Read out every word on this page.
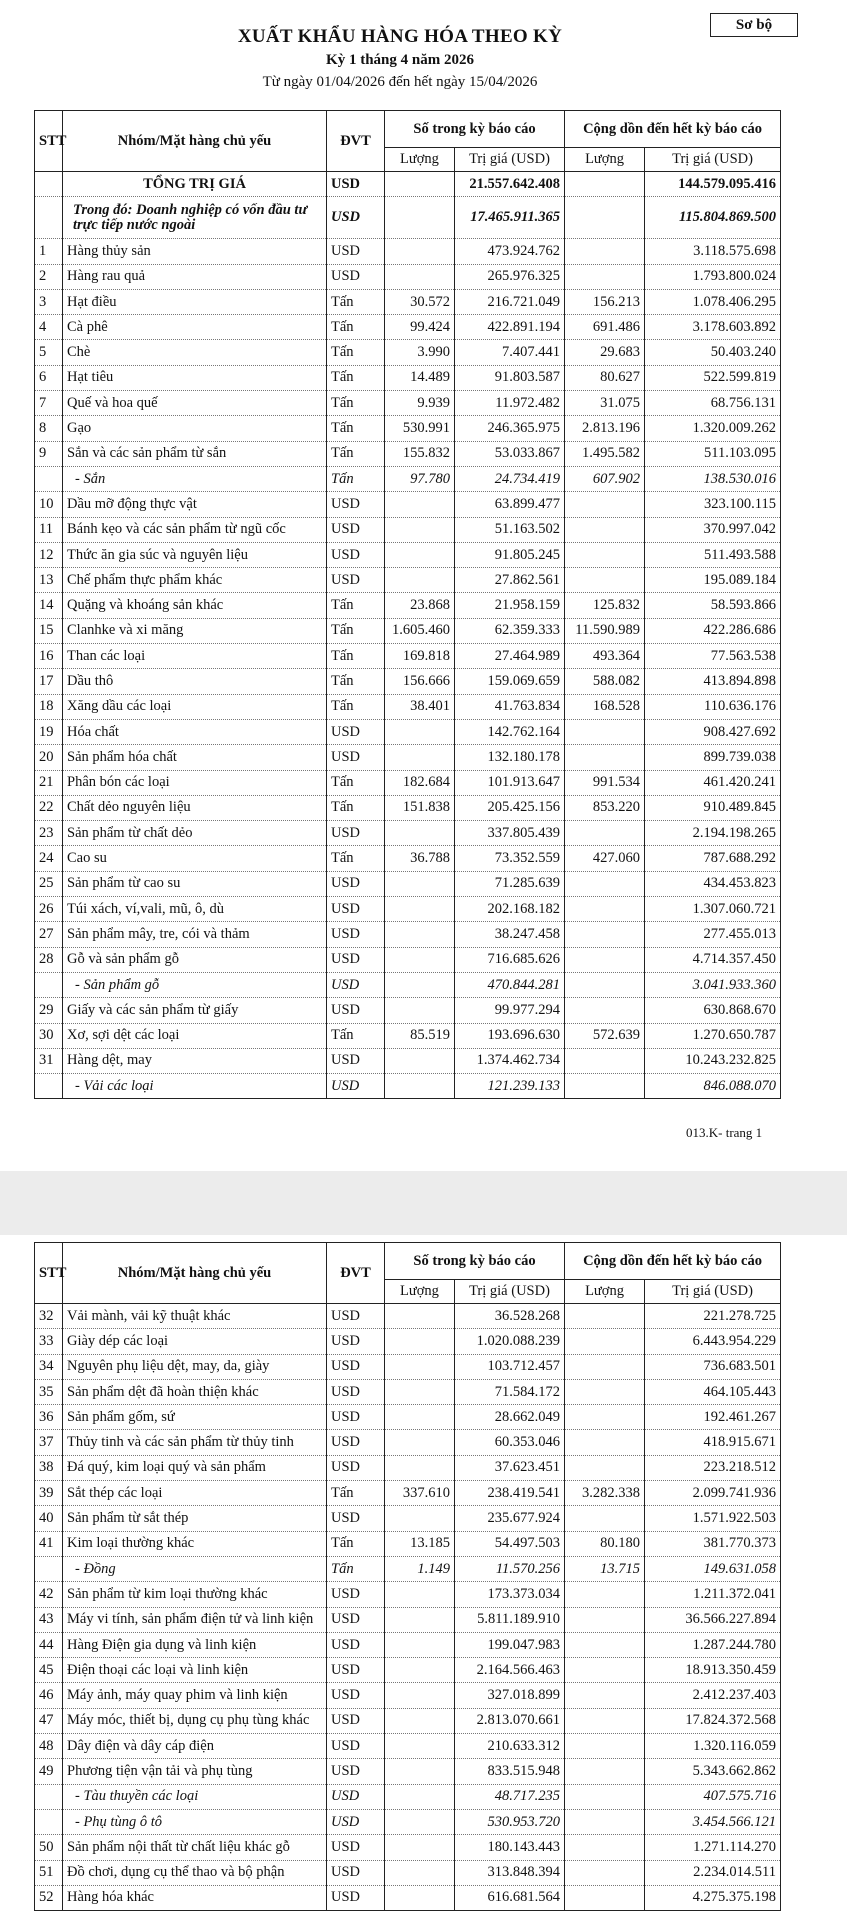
Sơ bộ
XUẤT KHẨU HÀNG HÓA THEO KỲ
Kỳ 1 tháng 4 năm 2026
Từ ngày 01/04/2026 đến hết ngày 15/04/2026
STT	Nhóm/Mặt hàng chủ yếu	ĐVT	Số trong kỳ báo cáo		Cộng dồn đến hết kỳ báo cáo	
			Lượng	Trị giá (USD)	Lượng	Trị giá (USD)
	TỔNG TRỊ GIÁ	USD		21.557.642.408		144.579.095.416
	Trong đó: Doanh nghiệp có vốn đầu tư trực tiếp nước ngoài	USD		17.465.911.365		115.804.869.500
1	Hàng thủy sản	USD		473.924.762		3.118.575.698
2	Hàng rau quả	USD		265.976.325		1.793.800.024
3	Hạt điều	Tấn	30.572	216.721.049	156.213	1.078.406.295
4	Cà phê	Tấn	99.424	422.891.194	691.486	3.178.603.892
5	Chè	Tấn	3.990	7.407.441	29.683	50.403.240
6	Hạt tiêu	Tấn	14.489	91.803.587	80.627	522.599.819
7	Quế và hoa quế	Tấn	9.939	11.972.482	31.075	68.756.131
8	Gạo	Tấn	530.991	246.365.975	2.813.196	1.320.009.262
9	Sắn và các sản phẩm từ sắn	Tấn	155.832	53.033.867	1.495.582	511.103.095
	- Sắn	Tấn	97.780	24.734.419	607.902	138.530.016
10	Dầu mỡ động thực vật	USD		63.899.477		323.100.115
11	Bánh kẹo và các sản phẩm từ ngũ cốc	USD		51.163.502		370.997.042
12	Thức ăn gia súc và nguyên liệu	USD		91.805.245		511.493.588
13	Chế phẩm thực phẩm khác	USD		27.862.561		195.089.184
14	Quặng và khoáng sản khác	Tấn	23.868	21.958.159	125.832	58.593.866
15	Clanhke và xi măng	Tấn	1.605.460	62.359.333	11.590.989	422.286.686
16	Than các loại	Tấn	169.818	27.464.989	493.364	77.563.538
17	Dầu thô	Tấn	156.666	159.069.659	588.082	413.894.898
18	Xăng dầu các loại	Tấn	38.401	41.763.834	168.528	110.636.176
19	Hóa chất	USD		142.762.164		908.427.692
20	Sản phẩm hóa chất	USD		132.180.178		899.739.038
21	Phân bón các loại	Tấn	182.684	101.913.647	991.534	461.420.241
22	Chất dẻo nguyên liệu	Tấn	151.838	205.425.156	853.220	910.489.845
23	Sản phẩm từ chất dẻo	USD		337.805.439		2.194.198.265
24	Cao su	Tấn	36.788	73.352.559	427.060	787.688.292
25	Sản phẩm từ cao su	USD		71.285.639		434.453.823
26	Túi xách, ví,vali, mũ, ô, dù	USD		202.168.182		1.307.060.721
27	Sản phẩm mây, tre, cói và thảm	USD		38.247.458		277.455.013
28	Gỗ và sản phẩm gỗ	USD		716.685.626		4.714.357.450
	- Sản phẩm gỗ	USD		470.844.281		3.041.933.360
29	Giấy và các sản phẩm từ giấy	USD		99.977.294		630.868.670
30	Xơ, sợi dệt các loại	Tấn	85.519	193.696.630	572.639	1.270.650.787
31	Hàng dệt, may	USD		1.374.462.734		10.243.232.825
	- Vải các loại	USD		121.239.133		846.088.070
013.K- trang 1
STT	Nhóm/Mặt hàng chủ yếu	ĐVT	Số trong kỳ báo cáo		Cộng dồn đến hết kỳ báo cáo	
			Lượng	Trị giá (USD)	Lượng	Trị giá (USD)
32	Vải mành, vải kỹ thuật khác	USD		36.528.268		221.278.725
33	Giày dép các loại	USD		1.020.088.239		6.443.954.229
34	Nguyên phụ liệu dệt, may, da, giày	USD		103.712.457		736.683.501
35	Sản phẩm dệt đã hoàn thiện khác	USD		71.584.172		464.105.443
36	Sản phẩm gốm, sứ	USD		28.662.049		192.461.267
37	Thủy tinh và các sản phẩm từ thủy tinh	USD		60.353.046		418.915.671
38	Đá quý, kim loại quý và sản phẩm	USD		37.623.451		223.218.512
39	Sắt thép các loại	Tấn	337.610	238.419.541	3.282.338	2.099.741.936
40	Sản phẩm từ sắt thép	USD		235.677.924		1.571.922.503
41	Kim loại thường khác	Tấn	13.185	54.497.503	80.180	381.770.373
	- Đồng	Tấn	1.149	11.570.256	13.715	149.631.058
42	Sản phẩm từ kim loại thường khác	USD		173.373.034		1.211.372.041
43	Máy vi tính, sản phẩm điện tử và linh kiện	USD		5.811.189.910		36.566.227.894
44	Hàng Điện gia dụng và linh kiện	USD		199.047.983		1.287.244.780
45	Điện thoại các loại và linh kiện	USD		2.164.566.463		18.913.350.459
46	Máy ảnh, máy quay phim và linh kiện	USD		327.018.899		2.412.237.403
47	Máy móc, thiết bị, dụng cụ phụ tùng khác	USD		2.813.070.661		17.824.372.568
48	Dây điện và dây cáp điện	USD		210.633.312		1.320.116.059
49	Phương tiện vận tải và phụ tùng	USD		833.515.948		5.343.662.862
	- Tàu thuyền các loại	USD		48.717.235		407.575.716
	- Phụ tùng ô tô	USD		530.953.720		3.454.566.121
50	Sản phẩm nội thất từ chất liệu khác gỗ	USD		180.143.443		1.271.114.270
51	Đồ chơi, dụng cụ thể thao và bộ phận	USD		313.848.394		2.234.014.511
52	Hàng hóa khác	USD		616.681.564		4.275.375.198
